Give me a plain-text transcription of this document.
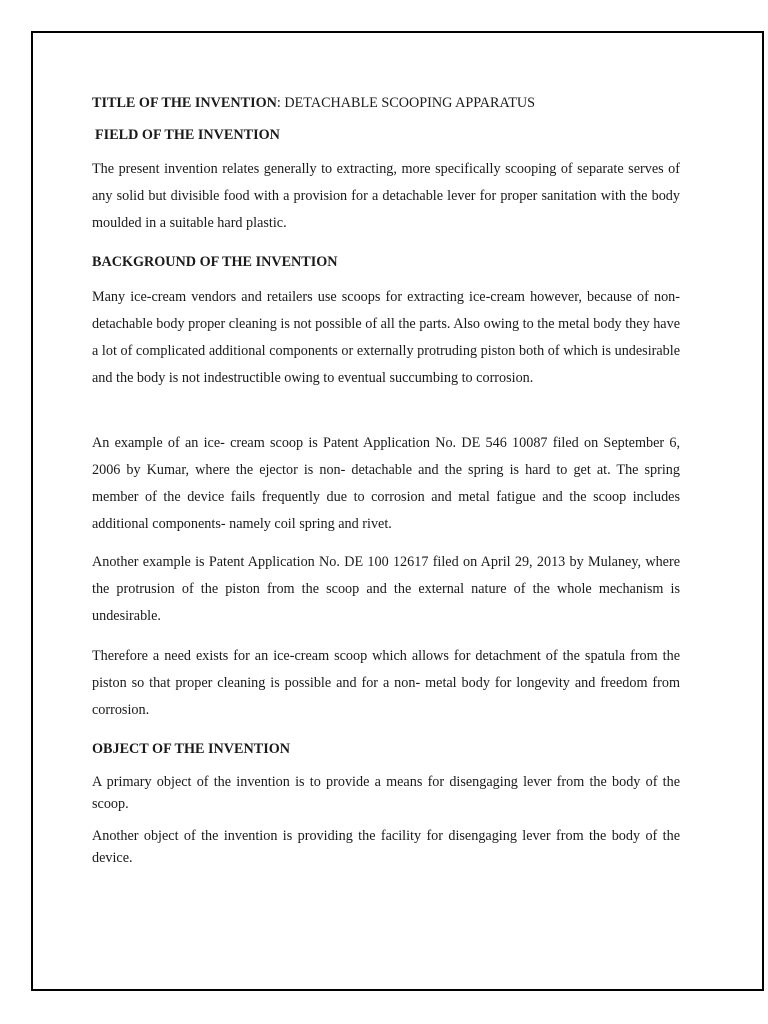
TITLE OF THE INVENTION: DETACHABLE SCOOPING APPARATUS
FIELD OF THE INVENTION
The present invention relates generally to extracting, more specifically scooping of separate serves of any solid but divisible food with a provision for a detachable lever for proper sanitation with the body moulded in a suitable hard plastic.
BACKGROUND OF THE INVENTION
Many ice-cream vendors and retailers use scoops for extracting ice-cream however, because of non-detachable body proper cleaning is not possible of all the parts. Also owing to the metal body they have a lot of complicated additional components or externally protruding piston both of which is undesirable and the body is not indestructible owing to eventual succumbing to corrosion.
An example of an ice- cream scoop is Patent Application No. DE 546 10087 filed on September 6, 2006 by Kumar, where the ejector is non- detachable and the spring is hard to get at. The spring member of the device fails frequently due to corrosion and metal fatigue and the scoop includes additional components- namely coil spring and rivet.
Another example is Patent Application No. DE 100 12617 filed on April 29, 2013 by Mulaney, where the protrusion of the piston from the scoop and the external nature of the whole mechanism is undesirable.
Therefore a need exists for an ice-cream scoop which allows for detachment of the spatula from the piston so that proper cleaning is possible and for a non- metal body for longevity and freedom from corrosion.
OBJECT OF THE INVENTION
A primary object of the invention is to provide a means for disengaging lever from the body of the scoop.
Another object of the invention is providing the facility for disengaging lever from the body of the device.
